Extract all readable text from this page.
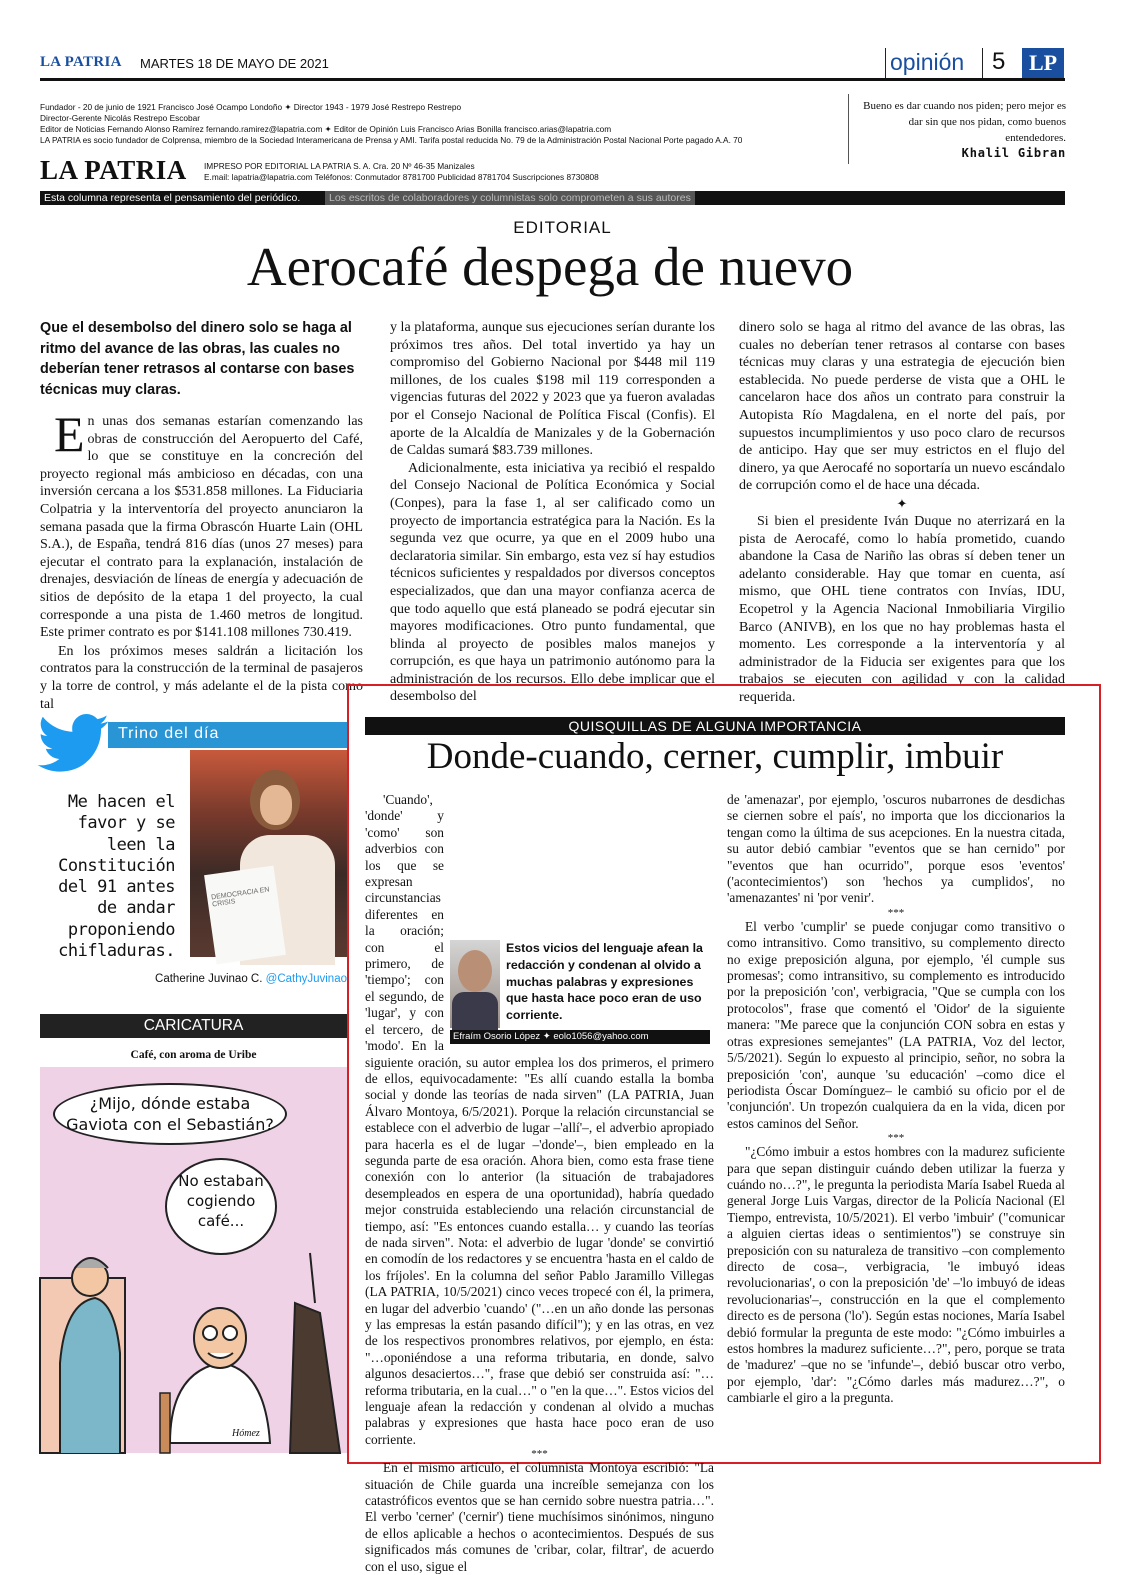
LA PATRIA MARTES 18 DE MAYO DE 2021	opinión 5	LP
Fundador - 20 de junio de 1921 Francisco José Ocampo Londoño ✦ Director 1943 - 1979 José Restrepo Restrepo
Director-Gerente Nicolás Restrepo Escobar
Editor de Noticias Fernando Alonso Ramírez fernando.ramirez@lapatria.com ✦ Editor de Opinión Luis Francisco Arias Bonilla francisco.arias@lapatria.com
LA PATRIA es socio fundador de Colprensa, miembro de la Sociedad Interamericana de Prensa y AMI. Tarifa postal reducida No. 79 de la Administración Postal Nacional Porte pagado A.A. 70
LA PATRIA IMPRESO POR EDITORIAL LA PATRIA S. A. Cra. 20 Nº 46-35 Manizales
E.mail: lapatria@lapatria.com Teléfonos: Conmutador 8781700 Publicidad 8781704 Suscripciones 8730808
Bueno es dar cuando nos piden; pero mejor es dar sin que nos pidan, como buenos entendedores.
Khalil Gibran
Esta columna representa el pensamiento del periódico.	Los escritos de colaboradores y columnistas solo comprometen a sus autores
EDITORIAL
Aerocafé despega de nuevo
Que el desembolso del dinero solo se haga al ritmo del avance de las obras, las cuales no deberían tener retrasos al contarse con bases técnicas muy claras.
E n unas dos semanas estarían comenzando las obras de construcción del Aeropuerto del Café, lo que se constituye en la concreción del proyecto regional más ambicioso en décadas, con una inversión cercana a los $531.858 millones. La Fiduciaria Colpatria y la interventoría del proyecto anunciaron la semana pasada que la firma Obrascón Huarte Lain (OHL S.A.), de España, tendrá 816 días (unos 27 meses) para ejecutar el contrato para la explanación, instalación de drenajes, desviación de líneas de energía y adecuación de sitios de depósito de la etapa 1 del proyecto, la cual corresponde a una pista de 1.460 metros de longitud. Este primer contrato es por $141.108 millones 730.419.

En los próximos meses saldrán a licitación los contratos para la construcción de la terminal de pasajeros y la torre de control, y más adelante el de la pista como tal

y la plataforma, aunque sus ejecuciones serían durante los próximos tres años. Del total invertido ya hay un compromiso del Gobierno Nacional por $448 mil 119 millones, de los cuales $198 mil 119 corresponden a vigencias futuras del 2022 y 2023 que ya fueron avaladas por el Consejo Nacional de Política Fiscal (Confis). El aporte de la Alcaldía de Manizales y de la Gobernación de Caldas sumará $83.739 millones.

Adicionalmente, esta iniciativa ya recibió el respaldo del Consejo Nacional de Política Económica y Social (Conpes), para la fase 1, al ser calificado como un proyecto de importancia estratégica para la Nación. Es la segunda vez que ocurre, ya que en el 2009 hubo una declaratoria similar. Sin embargo, esta vez sí hay estudios técnicos suficientes y respaldados por diversos conceptos especializados, que dan una mayor confianza acerca de que todo aquello que está planeado se podrá ejecutar sin mayores modificaciones. Otro punto fundamental, que blinda al proyecto de posibles malos manejos y corrupción, es que haya un patrimonio autónomo para la administración de los recursos. Ello debe implicar que el desembolso del

dinero solo se haga al ritmo del avance de las obras, las cuales no deberían tener retrasos al contarse con bases técnicas muy claras y una estrategia de ejecución bien establecida. No puede perderse de vista que a OHL le cancelaron hace dos años un contrato para construir la Autopista Río Magdalena, en el norte del país, por supuestos incumplimientos y uso poco claro de recursos de anticipo. Hay que ser muy estrictos en el flujo del dinero, ya que Aerocafé no soportaría un nuevo escándalo de corrupción como el de hace una década.

✦

Si bien el presidente Iván Duque no aterrizará en la pista de Aerocafé, como lo había prometido, cuando abandone la Casa de Nariño las obras sí deben tener un adelanto considerable. Hay que tomar en cuenta, así mismo, que OHL tiene contratos con Invías, IDU, Ecopetrol y la Agencia Nacional Inmobiliaria Virgilio Barco (ANIVB), en los que no hay problemas hasta el momento. Les corresponde a la interventoría y al administrador de la Fiducia ser exigentes para que los trabajos se ejecuten con agilidad y con la calidad requerida.

Trino del día
Me hacen el favor y se leen la Constitución del 91 antes de andar proponiendo chifladuras.
DEMOCRACIA EN CRISIS
Catherine Juvinao C. @CathyJuvinao
CARICATURA
Café, con aroma de Uribe
¿Mijo, dónde estaba Gaviota con el Sebastián?
No estaban cogiendo café...
Hómez
QUISQUILLAS DE ALGUNA IMPORTANCIA
Donde-cuando, cerner, cumplir, imbuir
Estos vicios del lenguaje afean la redacción y condenan al olvido a muchas palabras y expresiones que hasta hace poco eran de uso corriente.
Efraím Osorio López ✦ eolo1056@yahoo.com

'Cuando', 'donde' y 'como' son adverbios con los que se expresan circunstancias diferentes en la oración; con el primero, de 'tiempo'; con el segundo, de 'lugar', y con el tercero, de 'modo'. En la siguiente oración, su autor emplea los dos primeros, el primero de ellos, equivocadamente: "Es allí cuando estalla la bomba social y donde las teorías de nada sirven" (LA PATRIA, Juan Álvaro Montoya, 6/5/2021). Porque la relación circunstancial se establece con el adverbio de lugar –'allí'–, el adverbio apropiado para hacerla es el de lugar –'donde'–, bien empleado en la segunda parte de esa oración. Ahora bien, como esta frase tiene conexión con lo anterior (la situación de trabajadores desempleados en espera de una oportunidad), habría quedado mejor construida estableciendo una relación circunstancial de tiempo, así: "Es entonces cuando estalla… y cuando las teorías de nada sirven". Nota: el adverbio de lugar 'donde' se convirtió en comodín de los redactores y se encuentra 'hasta en el caldo de los fríjoles'. En la columna del señor Pablo Jaramillo Villegas (LA PATRIA, 10/5/2021) cinco veces tropecé con él, la primera, en lugar del adverbio 'cuando' ("…en un año donde las personas y las empresas la están pasando difícil"); y en las otras, en vez de los respectivos pronombres relativos, por ejemplo, en ésta: "…oponiéndose a una reforma tributaria, en donde, salvo algunos desaciertos…", frase que debió ser construida así: "…reforma tributaria, en la cual…" o "en la que…". Estos vicios del lenguaje afean la redacción y condenan al olvido a muchas palabras y expresiones que hasta hace poco eran de uso corriente.

***

En el mismo artículo, el columnista Montoya escribió: "La situación de Chile guarda una increíble semejanza con los catastróficos eventos que se han cernido sobre nuestra patria…". El verbo 'cerner' ('cernir') tiene muchísimos sinónimos, ninguno de ellos aplicable a hechos o acontecimientos. Después de sus significados más comunes de 'cribar, colar, filtrar', de acuerdo con el uso, sigue el

de 'amenazar', por ejemplo, 'oscuros nubarrones de desdichas se ciernen sobre el país', no importa que los diccionarios la tengan como la última de sus acepciones. En la nuestra citada, su autor debió cambiar "eventos que se han cernido" por "eventos que han ocurrido", porque esos 'eventos' ('acontecimientos') son 'hechos ya cumplidos', no 'amenazantes' ni 'por venir'.

***

El verbo 'cumplir' se puede conjugar como transitivo o como intransitivo. Como transitivo, su complemento directo no exige preposición alguna, por ejemplo, 'él cumple sus promesas'; como intransitivo, su complemento es introducido por la preposición 'con', verbigracia, "Que se cumpla con los protocolos", frase que comentó el 'Oidor' de la siguiente manera: "Me parece que la conjunción CON sobra en estas y otras expresiones semejantes" (LA PATRIA, Voz del lector, 5/5/2021). Según lo expuesto al principio, señor, no sobra la preposición 'con', aunque 'su educación' –como dice el periodista Óscar Domínguez– le cambió su oficio por el de 'conjunción'. Un tropezón cualquiera da en la vida, dicen por estos caminos del Señor.

***

"¿Cómo imbuir a estos hombres con la madurez suficiente para que sepan distinguir cuándo deben utilizar la fuerza y cuándo no…?", le pregunta la periodista María Isabel Rueda al general Jorge Luis Vargas, director de la Policía Nacional (El Tiempo, entrevista, 10/5/2021). El verbo 'imbuir' ("comunicar a alguien ciertas ideas o sentimientos") se construye sin preposición con su naturaleza de transitivo –con complemento directo de cosa–, verbigracia, 'le imbuyó ideas revolucionarias', o con la preposición 'de' –'lo imbuyó de ideas revolucionarias'–, construcción en la que el complemento directo es de persona ('lo'). Según estas nociones, María Isabel debió formular la pregunta de este modo: "¿Cómo imbuirles a estos hombres la madurez suficiente…?", pero, porque se trata de 'madurez' –que no se 'infunde'–, debió buscar otro verbo, por ejemplo, 'dar': "¿Cómo darles más madurez…?", o cambiarle el giro a la pregunta.
